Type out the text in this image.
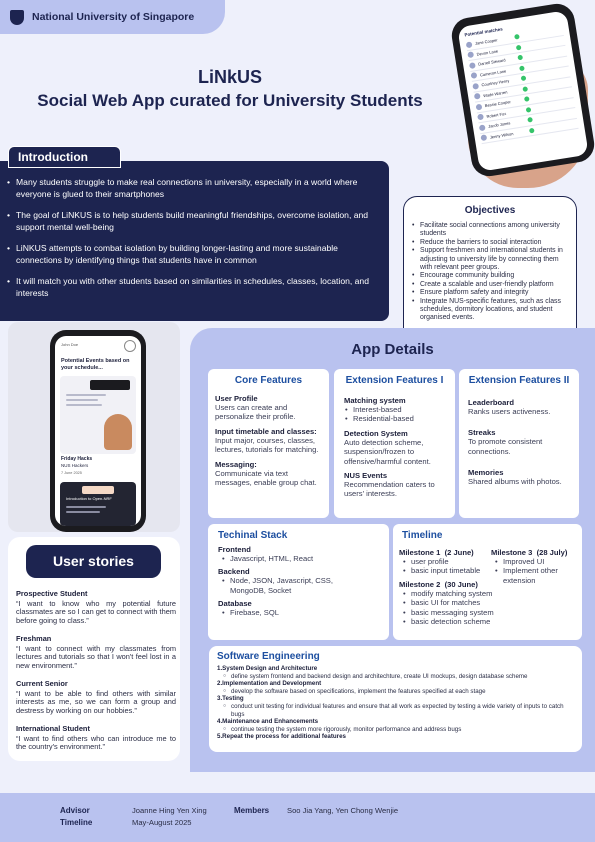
National University of Singapore
LiNkUS
Social Web App curated for University Students
Potential matches
Jane Cooper
Devon Lane
Darrell Steward
Cameron Lane
Courtney Henry
Wade Warren
Bessie Cooper
Robert Fox
Jacob Jones
Jenny Wilson
Introduction
• Many students struggle to make real connections in university, especially in a world where everyone is glued to their smartphones
• The goal of LiNKUS is to help students build meaningful friendships, overcome isolation, and support mental well-being
• LiNKUS attempts to combat isolation by building longer-lasting and more sustainable connections by identifying things that students have in common
• It will match you with other students based on similarities in schedules, classes, location, and interests
Objectives
• Facilitate social connections among university students
• Reduce the barriers to social interaction
• Support freshmen and international students in adjusting to university life by connecting them with relevant peer groups.
• Encourage community building
• Create a scalable and user-friendly platform
• Ensure platform safety and integrity
• Integrate NUS-specific features, such as class schedules, dormitory locations, and student organised events.
John Doe
Potential Events based on your schedule...
Friday Hacks
NUS Hackers
7 June 2025
Introduction to Open-NRF
User stories
Prospective Student
“I want to know who my potential future classmates are so I can get to connect with them before going to class.”
Freshman
“I want to connect with my classmates from lectures and tutorials so that I won't feel lost in a new environment.”
Current Senior
“I want to be able to find others with similar interests as me, so we can form a group and destress by working on our hobbies.”
International Student
“I want to find others who can introduce me to the country's environment.”
App Details
Core Features
User Profile
Users can create and personalize their profile.
Input timetable and classes:
Input major, courses, classes, lectures, tutorials for matching.
Messaging:
Communicate via text messages, enable group chat.
Extension Features I
Matching system
• Interest-based
• Residential-based
Detection System
Auto detection scheme, suspension/frozen to offensive/harmful content.
NUS Events
Recommendation caters to users' interests.
Extension Features II
Leaderboard
Ranks users activeness.
Streaks
To promote consistent connections.
Memories
Shared albums with photos.
Techinal Stack
Frontend
• Javascript, HTML, React
Backend
• Node, JSON, Javascript, CSS, MongoDB, Socket
Database
• Firebase, SQL
Timeline
Milestone 1 (2 June)
• user profile
• basic input timetable
Milestone 2 (30 June)
• modify matching system
• basic UI for matches
• basic messaging system
• basic detection scheme
Milestone 3 (28 July)
• Improved UI
• Implement other extension
Software Engineering
1.System Design and Architecture
○ define system frontend and backend design and architechture, create UI mockups, design database scheme
2.Implementation and Development
○ develop the software based on specifications, implement the features specified at each stage
3.Testing
○ conduct unit testing for individual features and ensure that all work as expected by testing a wide variety of inputs to catch bugs
4.Maintenance and Enhancements
○ continue testing the system more rigorously, monitor performance and address bugs
5.Repeat the process for additional features
Advisor	Joanne Hing Yen Xing
Timeline	May-August 2025
Members Soo Jia Yang, Yen Chong Wenjie
